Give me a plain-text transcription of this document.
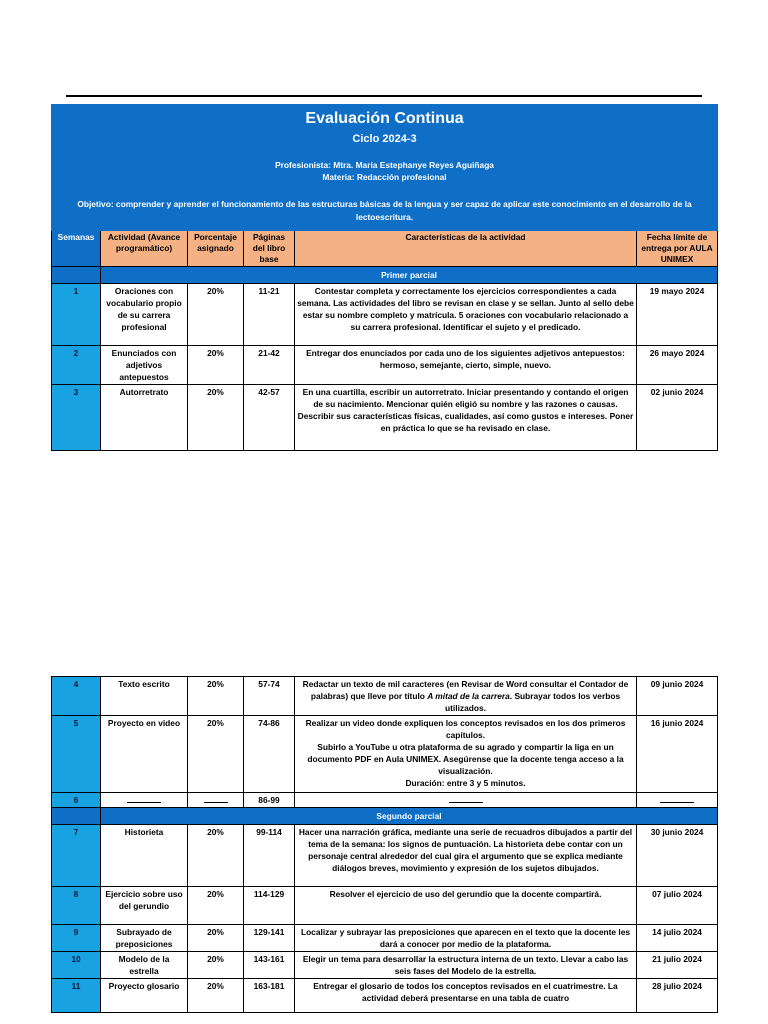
Evaluación Continua					
Ciclo 2024-3					

Profesionista: Mtra. María Estephanye Reyes Aguiñaga
Materia: Redacción profesional					

Objetivo: comprender y aprender el funcionamiento de las estructuras básicas de la lengua y ser capaz de aplicar este conocimiento en el desarrollo de la lectoescritura.					
Semanas	Actividad (Avance programático)	Porcentaje asignado	Páginas del libro base	Características de la actividad	Fecha límite de entrega por AULA UNIMEX
	Primer parcial				
1	Oraciones con vocabulario propio de su carrera profesional	20%	11-21	Contestar completa y correctamente los ejercicios correspondientes a cada semana. Las actividades del libro se revisan en clase y se sellan. Junto al sello debe estar su nombre completo y matrícula. 5 oraciones con vocabulario relacionado a su carrera profesional. Identificar el sujeto y el predicado.	19 mayo 2024
2	Enunciados con adjetivos antepuestos	20%	21-42	Entregar dos enunciados por cada uno de los siguientes adjetivos antepuestos: hermoso, semejante, cierto, simple, nuevo.	26 mayo 2024
3	Autorretrato	20%	42-57	En una cuartilla, escribir un autorretrato. Iniciar presentando y contando el origen de su nacimiento. Mencionar quién eligió su nombre y las razones o causas. Describir sus características físicas, cualidades, así como gustos e intereses. Poner en práctica lo que se ha revisado en clase.	02 junio 2024
4	Texto escrito	20%	57-74	Redactar un texto de mil caracteres (en Revisar de Word consultar el Contador de palabras) que lleve por título A mitad de la carrera. Subrayar todos los verbos utilizados.	09 junio 2024
5	Proyecto en video	20%	74-86	Realizar un video donde expliquen los conceptos revisados en los dos primeros capítulos.
Subirlo a YouTube u otra plataforma de su agrado y compartir la liga en un documento PDF en Aula UNIMEX. Asegúrense que la docente tenga acceso a la visualización.
Duración: entre 3 y 5 minutos.	16 junio 2024
6			86-99		
	Segundo parcial				
7	Historieta	20%	99-114	Hacer una narración gráfica, mediante una serie de recuadros dibujados a partir del tema de la semana: los signos de puntuación. La historieta debe contar con un personaje central alrededor del cual gira el argumento que se explica mediante diálogos breves, movimiento y expresión de los sujetos dibujados.	30 junio 2024
8	Ejercicio sobre uso del gerundio	20%	114-129	Resolver el ejercicio de uso del gerundio que la docente compartirá.	07 julio 2024
9	Subrayado de preposiciones	20%	129-141	Localizar y subrayar las preposiciones que aparecen en el texto que la docente les dará a conocer por medio de la plataforma.	14 julio 2024
10	Modelo de la estrella	20%	143-161	Elegir un tema para desarrollar la estructura interna de un texto. Llevar a cabo las seis fases del Modelo de la estrella.	21 julio 2024
11	Proyecto glosario	20%	163-181	Entregar el glosario de todos los conceptos revisados en el cuatrimestre. La actividad deberá presentarse en una tabla de cuatro	28 julio 2024
